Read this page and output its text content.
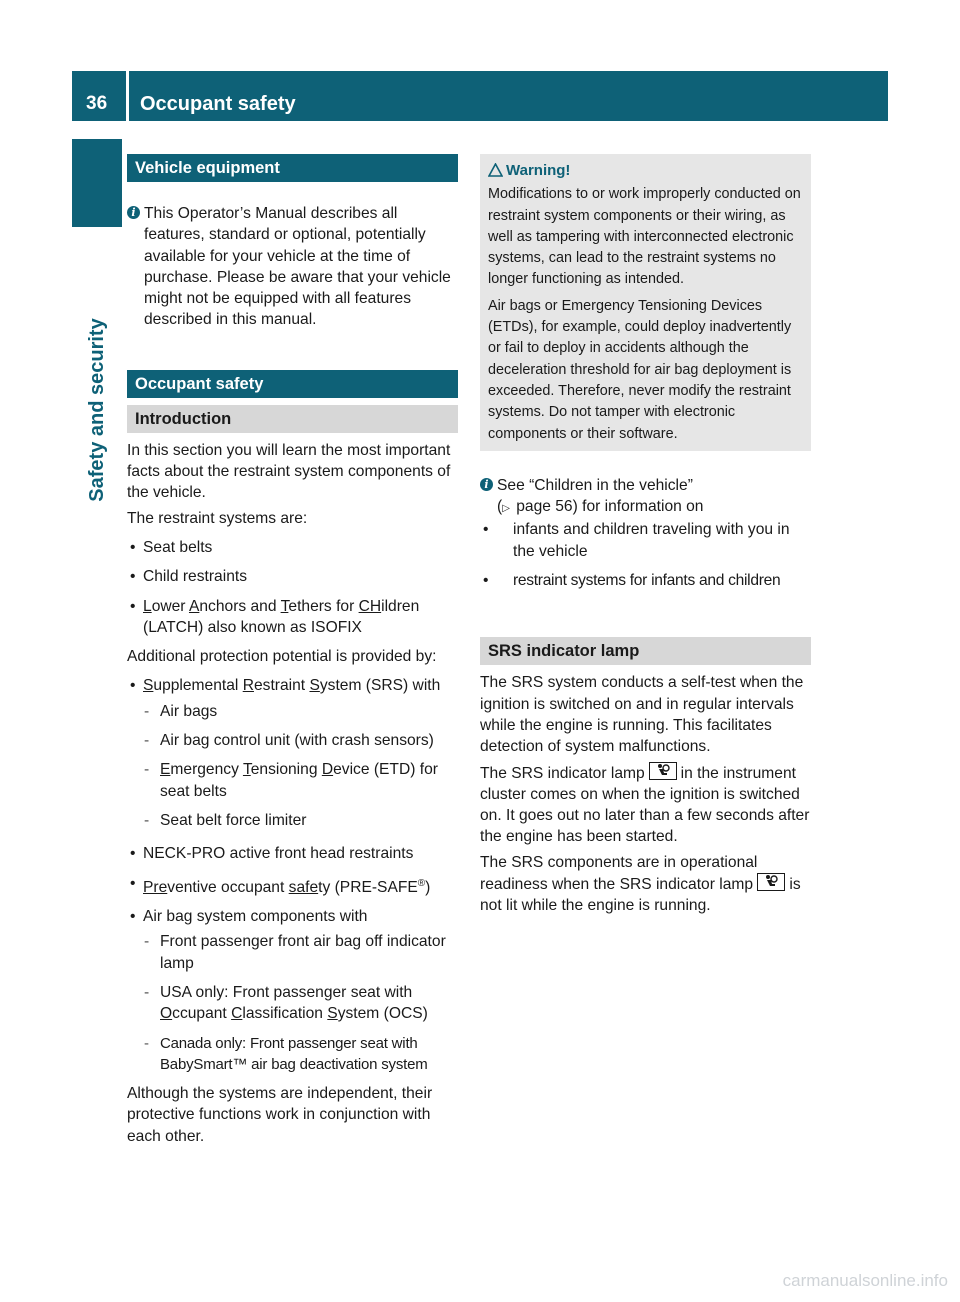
36 Occupant safety
Safety and security
Vehicle equipment
i This Operator’s Manual describes all features, standard or optional, potentially available for your vehicle at the time of purchase. Please be aware that your vehicle might not be equipped with all features described in this manual.
Occupant safety
Introduction

In this section you will learn the most important facts about the restraint system components of the vehicle.

The restraint systems are:

• Seat belts
• Child restraints
• Lower Anchors and Tethers for CHildren (LATCH) also known as ISOFIX

Additional protection potential is provided by:

• Supplemental Restraint System (SRS) with
- Air bags
- Air bag control unit (with crash sensors)
- Emergency Tensioning Device (ETD) for seat belts
- Seat belt force limiter
• NECK-PRO active front head restraints
• Preventive occupant safety (PRE-SAFE®)
• Air bag system components with
- Front passenger front air bag off indicator lamp
- USA only: Front passenger seat with Occupant Classification System (OCS)
- Canada only: Front passenger seat with BabySmart™ air bag deactivation system

Although the systems are independent, their protective functions work in conjunction with each other.

Warning!

Modifications to or work improperly conducted on restraint system components or their wiring, as well as tampering with interconnected electronic systems, can lead to the restraint systems no longer functioning as intended.

Air bags or Emergency Tensioning Devices (ETDs), for example, could deploy inadvertently or fail to deploy in accidents although the deceleration threshold for air bag deployment is exceeded. Therefore, never modify the restraint systems. Do not tamper with electronic components or their software.

i See “Children in the vehicle”
(▷ page 56) for information on
• infants and children traveling with you in the vehicle
• restraint systems for infants and children
SRS indicator lamp

The SRS system conducts a self-test when the ignition is switched on and in regular intervals while the engine is running. This facilitates detection of system malfunctions.

The SRS indicator lamp in the instrument cluster comes on when the ignition is switched on. It goes out no later than a few seconds after the engine has been started.

The SRS components are in operational readiness when the SRS indicator lamp is not lit while the engine is running.

carmanualsonline.info
